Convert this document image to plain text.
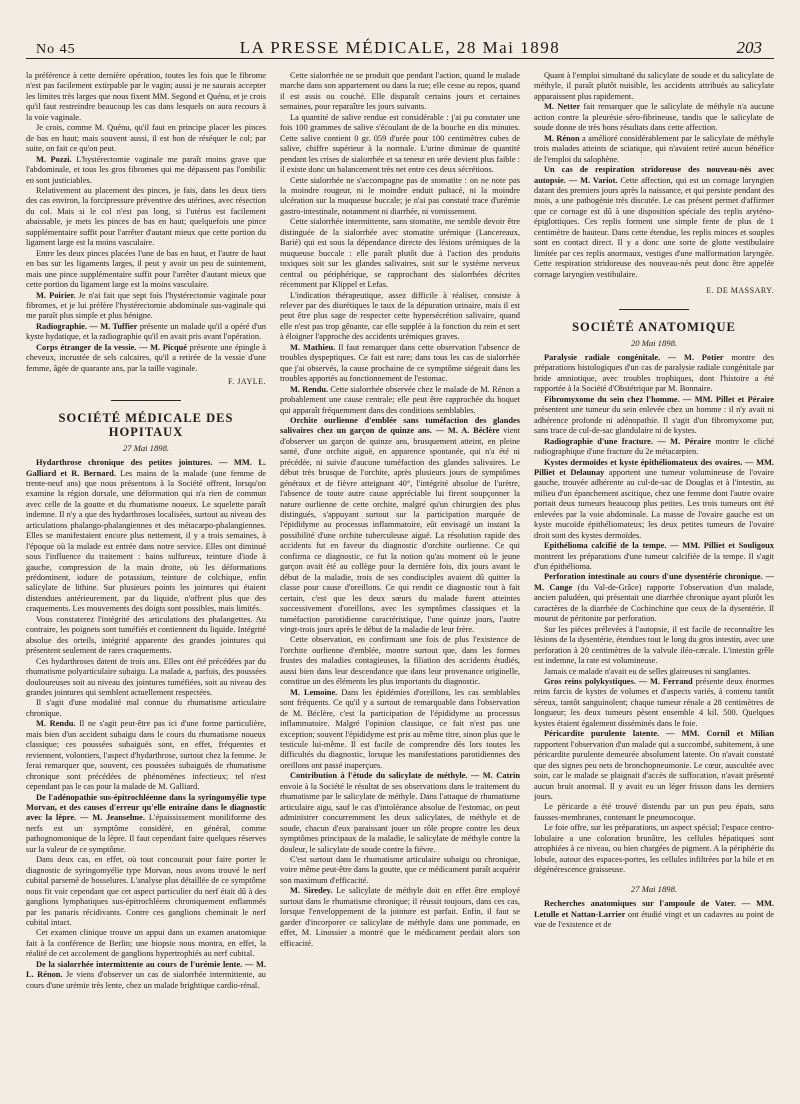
No 45	LA PRESSE MÉDICALE, 28 Mai 1898	203

la préférence à cette dernière opération, toutes les fois que le fibrome n'est pas facilement extirpable par le vagin; aussi je ne saurais accepter les limites très larges que nous fixent MM. Segond et Quénu, et je crois qu'il faut restreindre beaucoup les cas dans lesquels on aura recours à la voie vaginale.

Je crois, comme M. Quénu, qu'il faut en principe placer les pinces de bas en haut; mais souvent aussi, il est bon de réséquer le col; par suite, on fait ce qu'on peut.

M. Pozzi. L'hystérectomie vaginale me paraît moins grave que l'abdominale, et tous les gros fibromes qui me dépassent pas l'ombilic en sont justiciables.

Relativement au placement des pinces, je fais, dans les deux tiers des cas environ, la forcipressure préventive des utérines, avec résection du col. Mais si le col n'est pas long, si l'utérus est facilement abaissable, je mets les pinces de bas en haut; quelquefois une pince supplémentaire suffit pour l'arrêter d'autant mieux que cette portion du ligament large est la moins vasculaire.

Entre les deux pinces placées l'une de bas en haut, et l'autre de haut en bas sur les ligaments larges, il peut y avoir un peu de suintement, mais une pince supplémentaire suffit pour l'arrêter d'autant mieux que cette portion du ligament large est la moins vasculaire.

M. Poirier. Je n'ai fait que sept fois l'hystérectomie vaginale pour fibromes, et je lui préfère l'hystérectomie abdominale sus-vaginale qui me paraît plus simple et plus bénigne.

Radiographie. — M. Tuffier présente un malade qu'il a opéré d'un kyste hydatique, et la radiographie qu'il en avait pris avant l'opération.

Corps étranger de la vessie. — M. Picqué présente une épingle à cheveux, incrustée de sels calcaires, qu'il a retirée de la vessie d'une femme, âgée de quarante ans, par la taille vaginale.

F. JAYLE.
SOCIÉTÉ MÉDICALE DES HOPITAUX
27 Mai 1898.

Hydarthrose chronique des petites jointures. — MM. L. Galliard et R. Bernard. Les mains de la malade (une femme de trente-neuf ans) que nous présentons à la Société offrent, lorsqu'on examine la région dorsale, une déformation qui n'a rien de commun avec celle de la goutte et du rhumatisme noueux. Le squelette paraît indemne. Il n'y a que des hydarthroses localisées, surtout au niveau des articulations phalango-phalangiennes et des métacarpo-phalangiennes. Elles se manifestaient encore plus nettement, il y a trois semaines, à l'époque où la malade est entrée dans notre service. Elles ont diminué sous l'influence du traitement : bains sulfureux, teinture d'iode à gauche, compression de la main droite, où les déformations prédominent, iodure de potassium, teinture de colchique, enfin salicylate de lithine. Sur plusieurs points les jointures qui étaient distendues antérieurement, par du liquide, n'offrent plus que des craquements. Les mouvements des doigts sont possibles, mais limités.

Vous constaterez l'intégrité des articulations des phalangettes. Au contraire, les poignets sont tuméfiés et contiennent du liquide. Intégrité absolue des orteils, intégrité apparente des grandes jointures qui présentent seulement de rares craquements.

Ces hydarthroses datent de trois ans. Elles ont été précédées par du rhumatisme polyarticulaire subaigu. La malade a, parfois, des poussées douloureuses soit au niveau des jointures tuméfiées, soit au niveau des grandes jointures qui semblent actuellement respectées.

Il s'agit d'une modalité mal connue du rhumatisme articulaire chronique.

M. Rendu. Il ne s'agit peut-être pas ici d'une forme particulière, mais bien d'un accident subaigu dans le cours du rhumatisme noueux classique; ces poussées subaiguës sont, en effet, fréquentes et reviennent, volontiers, l'aspect d'hydarthrose, surtout chez la femme. Je ferai remarquer que, souvent, ces poussées subaiguës de rhumatisme chronique sont précédées de phénomènes infectieux; tel n'est cependant pas le cas pour la malade de M. Galliard.

De l'adénopathie sus-épitrochléenne dans la syringomyélie type Morvan, et des causes d'erreur qu'elle entraîne dans le diagnostic avec la lèpre. — M. Jeanselme. L'épaississement moniliforme des nerfs est un symptôme considéré, en général, comme pathognomonique de la lèpre. Il faut cependant faire quelques réserves sur la valeur de ce symptôme.

Dans deux cas, en effet, où tout concourait pour faire porter le diagnostic de syringomyélie type Morvan, nous avons trouvé le nerf cubital parsemé de bosselures. L'analyse plus détaillée de ce symptôme nous fit voir cependant que cet aspect particulier du nerf était dû à des ganglions lymphatiques sus-épitrochléens chroniquement enflammés par les panaris récidivants. Contre ces ganglions cheminait le nerf cubital intact.

Cet examen clinique trouve un appui dans un examen anatomique fait à la conférence de Berlin; une biopsie nous montra, en effet, la réalité de cet accolement de ganglions hypertrophiés au nerf cubital.

De la sialorrhée intermittente au cours de l'urémie lente. — M. L. Rénon. Je viens d'observer un cas de sialorrhée intermittente, au cours d'une urémie très lente, chez un malade brightique cardio-rénal.

Cette sialorrhée ne se produit que pendant l'action, quand le malade marche dans son appartement ou dans la rue; elle cesse au repos, quand il est assis ou couché. Elle disparaît certains jours et certaines semaines, pour reparaître les jours suivants.

La quantité de salive rendue est considérable : j'ai pu constater une fois 100 grammes de salive s'écoulant de de la bouche en dix minutes. Cette salive contient 0 gr. 059 d'urée pour 100 centimètres cubes de salive, chiffre supérieur à la normale. L'urine diminue de quantité pendant les crises de sialorrhée et sa teneur en urée devient plus faible : il existe donc un balancement très net entre ces deux sécrétions.

Cette sialorrhée ne s'accompagne pas de stomatite : on ne note pas la moindre rougeur, ni le moindre enduit pultacé, ni la moindre ulcération sur la muqueuse buccale; je n'ai pas constaté trace d'urémie gastro-intestinale, notamment ni diarrhée, ni vomissement.

Cette sialorrhée intermittente, sans stomatite, me semble devoir être distinguée de la sialorrhée avec stomatite urémique (Lancereaux, Barié) qui est sous la dépendance directe des lésions urémiques de la muqueuse buccale : elle paraît plutôt due à l'action des produits toxiques soit sur les glandes salivaires, soit sur le système nerveux central ou périphérique, se rapprochant des sialorrhées décrites récemment par Klippel et Lefas.

L'indication thérapeutique, assez difficile à réaliser, consiste à relever par des diurétiques le taux de la dépuration urinaire, mais il est peut être plus sage de respecter cette hypersécrétion salivaire, quand elle n'est pas trop gênante, car elle supplée à la fonction du rein et sert à éloigner l'approche des accidents urémiques graves.

M. Mathieu. Il faut remarquer dans cette observation l'absence de troubles dyspeptiques. Ce fait est rare; dans tous les cas de sialorrhée que j'ai observés, la cause prochaine de ce symptôme siégeait dans les troubles apportés au fonctionnement de l'estomac.

M. Rendu. Cette sialorrhée observée chez le malade de M. Rénon a probablement une cause centrale; elle peut être rapprochée du hoquet qui apparaît fréquemment dans des conditions semblables.

Orchite ourlienne d'emblée sans tuméfaction des glandes salivaires chez un garçon de quinze ans. — M. A. Béclère vient d'observer un garçon de quinze ans, brusquement atteint, en pleine santé, d'une orchite aiguë, en apparence spontanée, qui n'a été ni précédée, ni suivie d'aucune tuméfaction des glandes salivaires. Le début très brusque de l'orchite, après plusieurs jours de symptômes généraux et de fièvre atteignant 40°, l'intégrité absolue de l'urètre, l'absence de toute autre cause appréciable lui firent soupçonner la nature ourlienne de cette orchite, malgré qu'un chirurgien des plus distingués, s'appuyant surtout sur la participation marquée de l'épididyme au processus inflammatoire, eût envisagé un instant la possibilité d'une orchite tuberculeuse aiguë. La résolution rapide des accidents fut en faveur du diagnostic d'orchite ourlienne. Ce qui confirma ce diagnostic, ce fut la notion qu'au moment où le jeune garçon avait été au collège pour la dernière fois, dix jours avant le début de la maladie, trois de ses condisciples avaient dû quitter la classe pour cause d'oreillons. Ce qui rendit ce diagnostic tout à fait certain, c'est que les deux sœurs du malade furent atteintes successivement d'oreillons, avec les symptômes classiques et la tuméfaction parotidienne caractéristique, l'une quinze jours, l'autre vingt-trois jours après le début de la maladie de leur frère.

Cette observation, en confirmant une fois de plus l'existence de l'orchite ourlienne d'emblée, montre surtout que, dans les formes frustes des maladies contagieuses, la filiation des accidents étudiés, aussi bien dans leur descendance que dans leur provenance originelle, constitue un des éléments les plus importants du diagnostic.

M. Lemoine. Dans les épidémies d'oreillons, les cas semblables sont fréquents. Ce qu'il y a surtout de remarquable dans l'observation de M. Béclère, c'est la participation de l'épididyme au processus inflammatoire. Malgré l'opinion classique, ce fait n'est pas une exception; souvent l'épididyme est pris au même titre, sinon plus que le testicule lui-même. Il est facile de comprendre dès lors toutes les difficultés du diagnostic, lorsque les manifestations parotidiennes des oreillons ont passé inaperçues.

Contribution à l'étude du salicylate de méthyle. — M. Catrin envoie à la Société le résultat de ses observations dans le traitement du rhumatisme par le salicylate de méthyle. Dans l'attaque de rhumatisme articulaire aigu, sauf le cas d'intolérance absolue de l'estomac, on peut administrer concurremment les deux salicylates, de méthyle et de soude, chacun d'eux paraissant jouer un rôle propre contre les deux symptômes principaux de la maladie, le salicylate de méthyle contre la douleur, le salicylate de soude contre la fièvre.

C'est surtout dans le rhumatisme articulaire subaigu ou chronique, voire même peut-être dans la goutte, que ce médicament paraît acquérir son maximum d'efficacité.

M. Siredey. Le salicylate de méthyle doit en effet être employé surtout dans le rhumatisme chronique; il réussit toujours, dans ces cas, lorsque l'enveloppement de la jointure est parfait. Enfin, il faut se garder d'incorporer ce salicylate de méthyle dans une pommade, en effet, M. Linossier a montré que le médicament perdait alors son efficacité.

Quant à l'emploi simultané du salicylate de soude et du salicylate de méthyle, il paraît plutôt nuisible, les accidents attribués au salicylate apparaissent plus rapidement.

M. Netter fait remarquer que le salicylate de méthyle n'a aucune action contre la pleurésie séro-fibrineuse, tandis que le salicylate de soude donne de très bons résultats dans cette affection.

M. Rénon a amélioré considérablement par le salicylate de méthyle trois malades atteints de sciatique, qui n'avaient retiré aucun bénéfice de l'emploi du salophène.

Un cas de respiration stridoreuse des nouveau-nés avec autopsie. — M. Variot. Cette affection, qui est un cornage laryngien datant des premiers jours après la naissance, et qui persiste pendant des mois, a une pathogénie très discutée. Le cas présent permet d'affirmer que ce cornage est dû à une disposition spéciale des replis aryténo-épiglottiques. Ces replis forment une simple fente de plus de 1 centimètre de hauteur. Dans cette étendue, les replis minces et souples sont en contact direct. Il y a donc une sorte de glotte vestibulaire limitée par ces replis anormaux, vestiges d'une malformation laryngée. Cette respiration stridoreuse des nouveau-nés peut donc être appelée cornage laryngien vestibulaire.

E. DE MASSARY.
SOCIÉTÉ ANATOMIQUE
20 Mai 1898.

Paralysie radiale congénitale. — M. Potier montre des préparations histologiques d'un cas de paralysie radiale congénitale par bride amniotique, avec troubles trophiques, dont l'histoire a été rapportée à la Société d'Obstétrique par M. Bonnaire.

Fibromyxome du sein chez l'homme. — MM. Pillet et Péraire présentent une tumeur du sein enlevée chez un homme : il n'y avait ni adhérence profonde ni adénopathie. Il s'agit d'un fibromyxome pur, sans trace de cul-de-sac glandulaire ni de kystes.

Radiographie d'une fracture. — M. Péraire montre le cliché radiographique d'une fracture du 2e métacarpien.

Kystes dermoïdes et kyste épithéliomateux des ovaires. — MM. Pilliet et Delaunay apportent une tumeur volumineuse de l'ovaire gauche, trouvée adhérente au cul-de-sac de Douglas et à l'intestin, au milieu d'un épanchement ascitique, chez une femme dont l'autre ovaire portait deux tumeurs beaucoup plus petites. Les trois tumeurs ont été enlevées par la voie abdominale. La masse de l'ovaire gauche est un kyste mucoïde épithéliomateux; les deux petites tumeurs de l'ovaire droit sont des kystes dermoïdes.

Epithélioma calcifié de la tempe. — MM. Pilliet et Souligoux montrent les préparations d'une tumeur calcifiée de la tempe. Il s'agit d'un épithélioma.

Perforation intestinale au cours d'une dysentérie chronique. — M. Cange (du Val-de-Grâce) rapporte l'observation d'un malade, ancien paludéen, qui présentait une diarrhée chronique ayant plutôt les caractères de la diarrhée de Cochinchine que ceux de la dysentérie. Il mourut de péritonite par perforation.

Sur les pièces prélevées à l'autopsie, il est facile de reconnaître les lésions de la dysentérie, étendues tout le long du gros intestin, avec une perforation à 20 centimètres de la valvule iléo-cæcale. L'intestin grêle est indemne, la rate est volumineuse.

Jamais ce malade n'avait eu de selles glaireuses ni sanglantes.

Gros reins polykystiques. — M. Ferrand présente deux énormes reins farcis de kystes de volumes et d'aspects variés, à contenu tantôt séreux, tantôt sanguinolent; chaque tumeur rénale a 28 centimètres de longueur; les deux tumeurs pèsent ensemble 4 kil. 500. Quelques kystes étaient également disséminés dans le foie.

Péricardite purulente latente. — MM. Cornil et Milian rapportent l'observation d'un malade qui a succombé, subitement, à une péricardite purulente demeurée absolument latente. On n'avait constaté que des signes peu nets de bronchopneumonie. Le cœur, auscultée avec soin, car le malade se plaignait d'accès de suffocation, n'avait présenté aucun bruit anormal. Il y avait eu un léger frisson dans les derniers jours.

Le péricarde a été trouvé distendu par un pus peu épais, sans fausses-membranes, contenant le pneumocoque.

Le foie offre, sur les préparations, un aspect spécial; l'espace centro-lobulaire a une coloration brunâtre, les cellules hépatiques sont atrophiées à ce niveau, ou bien chargées de pigment. A la périphérie du lobule, autour des espaces-portes, les cellules infiltrées par la bile et en dégénérescence graisseuse.

27 Mai 1898.

Recherches anatomiques sur l'ampoule de Vater. — MM. Letulle et Nattan-Larrier ont étudié vingt et un cadavres au point de vue de l'existence et de
